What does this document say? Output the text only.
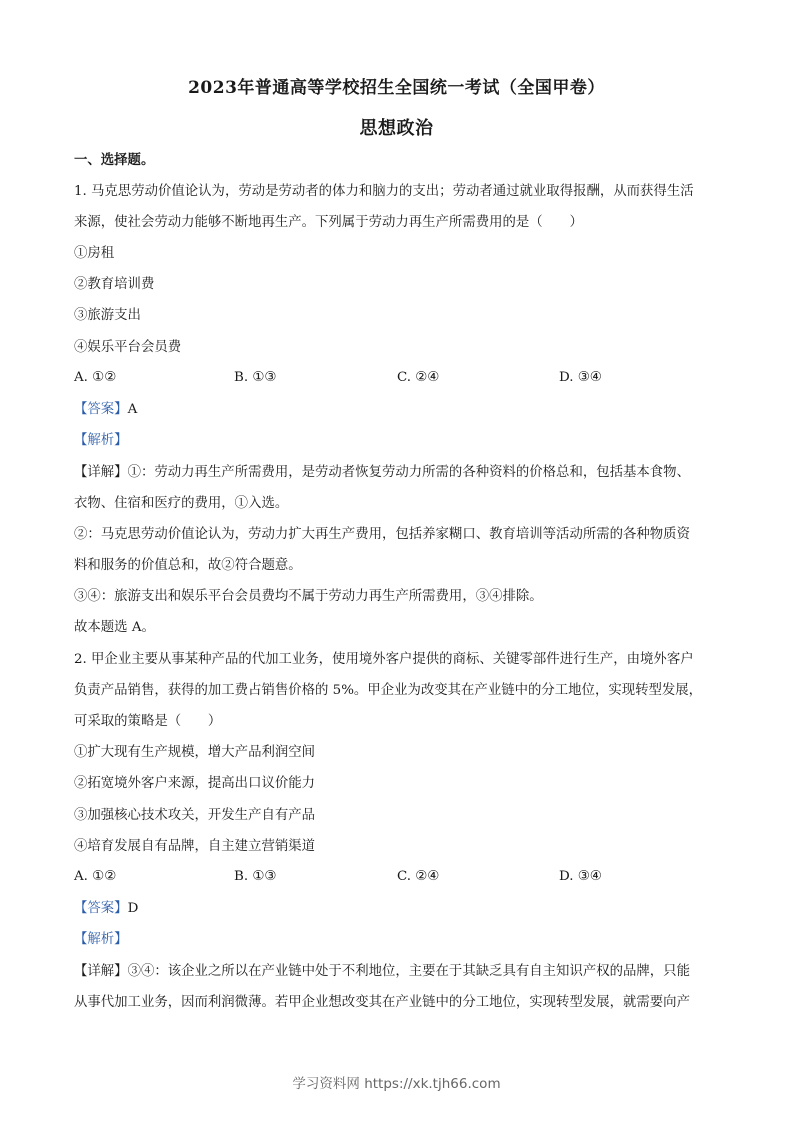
2023年普通高等学校招生全国统一考试（全国甲卷）
思想政治
一、选择题。
1. 马克思劳动价值论认为，劳动是劳动者的体力和脑力的支出；劳动者通过就业取得报酬，从而获得生活
来源，使社会劳动力能够不断地再生产。下列属于劳动力再生产所需费用的是（　　）
①房租
②教育培训费
③旅游支出
④娱乐平台会员费
A. ①②	B. ①③	C. ②④	D. ③④
【答案】A
【解析】
【详解】①：劳动力再生产所需费用，是劳动者恢复劳动力所需的各种资料的价格总和，包括基本食物、
衣物、住宿和医疗的费用，①入选。
②：马克思劳动价值论认为，劳动力扩大再生产费用，包括养家糊口、教育培训等活动所需的各种物质资
料和服务的价值总和，故②符合题意。
③④：旅游支出和娱乐平台会员费均不属于劳动力再生产所需费用，③④排除。
故本题选 A。
2. 甲企业主要从事某种产品的代加工业务，使用境外客户提供的商标、关键零部件进行生产，由境外客户
负责产品销售，获得的加工费占销售价格的 5%。甲企业为改变其在产业链中的分工地位，实现转型发展，
可采取的策略是（　　）
①扩大现有生产规模，增大产品利润空间
②拓宽境外客户来源，提高出口议价能力
③加强核心技术攻关，开发生产自有产品
④培育发展自有品牌，自主建立营销渠道
A. ①②	B. ①③	C. ②④	D. ③④
【答案】D
【解析】
【详解】③④：该企业之所以在产业链中处于不利地位，主要在于其缺乏具有自主知识产权的品牌，只能
从事代加工业务，因而利润微薄。若甲企业想改变其在产业链中的分工地位，实现转型发展，就需要向产
学习资料网 https://xk.tjh66.com
